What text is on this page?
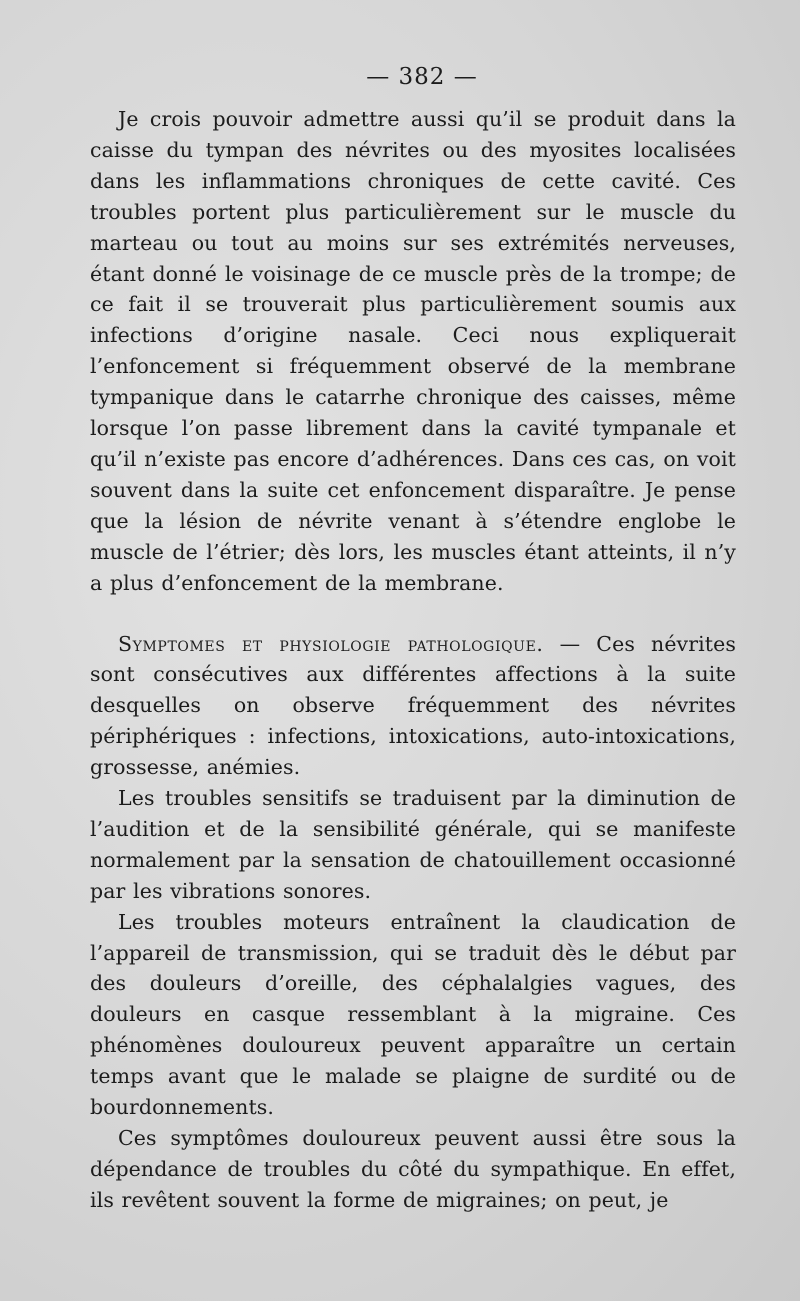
— 382 —

Je crois pouvoir admettre aussi qu’il se produit dans la caisse du tympan des névrites ou des myosites localisées dans les inflammations chroniques de cette cavité. Ces troubles portent plus particulièrement sur le muscle du marteau ou tout au moins sur ses extrémités nerveuses, étant donné le voisinage de ce muscle près de la trompe; de ce fait il se trouverait plus particulièrement soumis aux infections d’origine nasale. Ceci nous expliquerait l’enfoncement si fréquemment observé de la membrane tympanique dans le catarrhe chronique des caisses, même lorsque l’on passe librement dans la cavité tympanale et qu’il n’existe pas encore d’adhérences. Dans ces cas, on voit souvent dans la suite cet enfoncement disparaître. Je pense que la lésion de névrite venant à s’étendre englobe le muscle de l’étrier; dès lors, les muscles étant atteints, il n’y a plus d’enfoncement de la membrane.

Symptomes et physiologie pathologique. — Ces névrites sont consécutives aux différentes affections à la suite desquelles on observe fréquemment des névrites périphériques : infections, intoxications, auto-intoxications, grossesse, anémies.

Les troubles sensitifs se traduisent par la diminution de l’audition et de la sensibilité générale, qui se manifeste normalement par la sensation de chatouillement occasionné par les vibrations sonores.

Les troubles moteurs entraînent la claudication de l’appareil de transmission, qui se traduit dès le début par des douleurs d’oreille, des céphalalgies vagues, des douleurs en casque ressemblant à la migraine. Ces phénomènes douloureux peuvent apparaître un certain temps avant que le malade se plaigne de surdité ou de bourdonnements.

Ces symptômes douloureux peuvent aussi être sous la dépendance de troubles du côté du sympathique. En effet, ils revêtent souvent la forme de migraines; on peut, je
